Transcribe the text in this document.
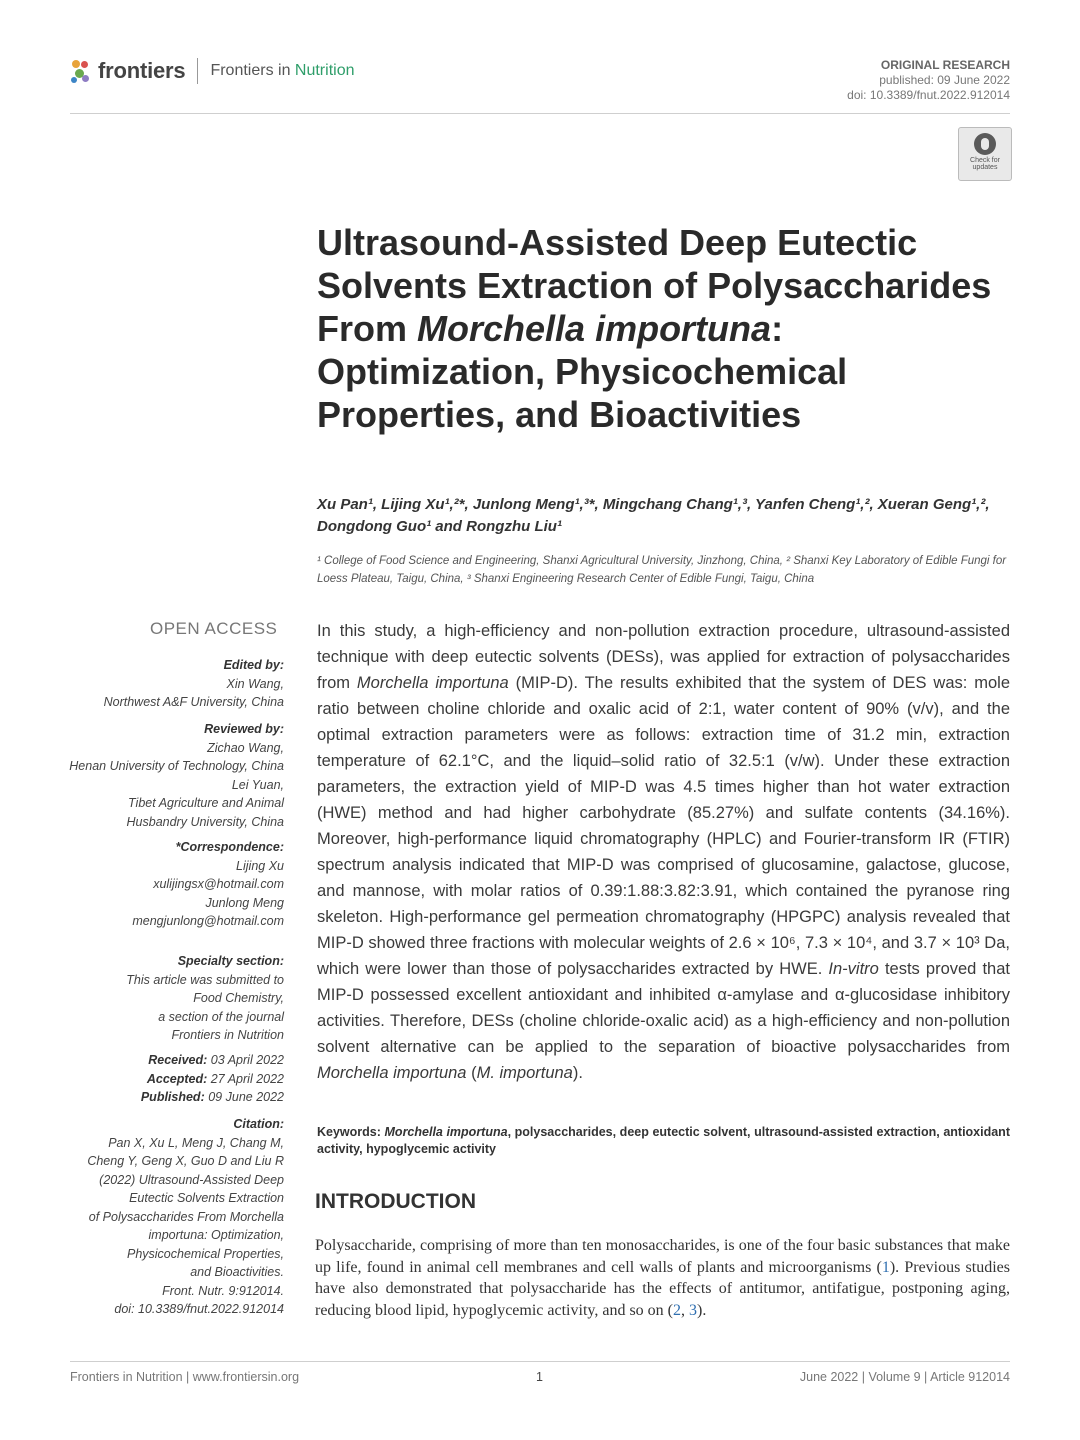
frontiers Frontiers in Nutrition	ORIGINAL RESEARCH
published: 09 June 2022
doi: 10.3389/fnut.2022.912014
Check for
updates
Ultrasound-Assisted Deep Eutectic Solvents Extraction of Polysaccharides From Morchella importuna: Optimization, Physicochemical Properties, and Bioactivities
Xu Pan¹, Lijing Xu¹,²*, Junlong Meng¹,³*, Mingchang Chang¹,³, Yanfen Cheng¹,², Xueran Geng¹,², Dongdong Guo¹ and Rongzhu Liu¹
¹ College of Food Science and Engineering, Shanxi Agricultural University, Jinzhong, China, ² Shanxi Key Laboratory of Edible Fungi for Loess Plateau, Taigu, China, ³ Shanxi Engineering Research Center of Edible Fungi, Taigu, China
OPEN ACCESS
Edited by:
Xin Wang,
Northwest A&F University, China
Reviewed by:
Zichao Wang,
Henan University of Technology, China
Lei Yuan,
Tibet Agriculture and Animal
Husbandry University, China
*Correspondence:
Lijing Xu
xulijingsx@hotmail.com
Junlong Meng
mengjunlong@hotmail.com
Specialty section:
This article was submitted to
Food Chemistry,
a section of the journal
Frontiers in Nutrition
Received: 03 April 2022
Accepted: 27 April 2022
Published: 09 June 2022
Citation:
Pan X, Xu L, Meng J, Chang M,
Cheng Y, Geng X, Guo D and Liu R
(2022) Ultrasound-Assisted Deep
Eutectic Solvents Extraction
of Polysaccharides From Morchella
importuna: Optimization,
Physicochemical Properties,
and Bioactivities.
Front. Nutr. 9:912014.
doi: 10.3389/fnut.2022.912014
In this study, a high-efficiency and non-pollution extraction procedure, ultrasound-assisted technique with deep eutectic solvents (DESs), was applied for extraction of polysaccharides from Morchella importuna (MIP-D). The results exhibited that the system of DES was: mole ratio between choline chloride and oxalic acid of 2:1, water content of 90% (v/v), and the optimal extraction parameters were as follows: extraction time of 31.2 min, extraction temperature of 62.1°C, and the liquid–solid ratio of 32.5:1 (v/w). Under these extraction parameters, the extraction yield of MIP-D was 4.5 times higher than hot water extraction (HWE) method and had higher carbohydrate (85.27%) and sulfate contents (34.16%). Moreover, high-performance liquid chromatography (HPLC) and Fourier-transform IR (FTIR) spectrum analysis indicated that MIP-D was comprised of glucosamine, galactose, glucose, and mannose, with molar ratios of 0.39:1.88:3.82:3.91, which contained the pyranose ring skeleton. High-performance gel permeation chromatography (HPGPC) analysis revealed that MIP-D showed three fractions with molecular weights of 2.6 × 10⁶, 7.3 × 10⁴, and 3.7 × 10³ Da, which were lower than those of polysaccharides extracted by HWE. In-vitro tests proved that MIP-D possessed excellent antioxidant and inhibited α-amylase and α-glucosidase inhibitory activities. Therefore, DESs (choline chloride-oxalic acid) as a high-efficiency and non-pollution solvent alternative can be applied to the separation of bioactive polysaccharides from Morchella importuna (M. importuna).
Keywords: Morchella importuna, polysaccharides, deep eutectic solvent, ultrasound-assisted extraction, antioxidant activity, hypoglycemic activity
INTRODUCTION
Polysaccharide, comprising of more than ten monosaccharides, is one of the four basic substances that make up life, found in animal cell membranes and cell walls of plants and microorganisms (1). Previous studies have also demonstrated that polysaccharide has the effects of antitumor, antifatigue, postponing aging, reducing blood lipid, hypoglycemic activity, and so on (2, 3).
Frontiers in Nutrition | www.frontiersin.org	1	June 2022 | Volume 9 | Article 912014
